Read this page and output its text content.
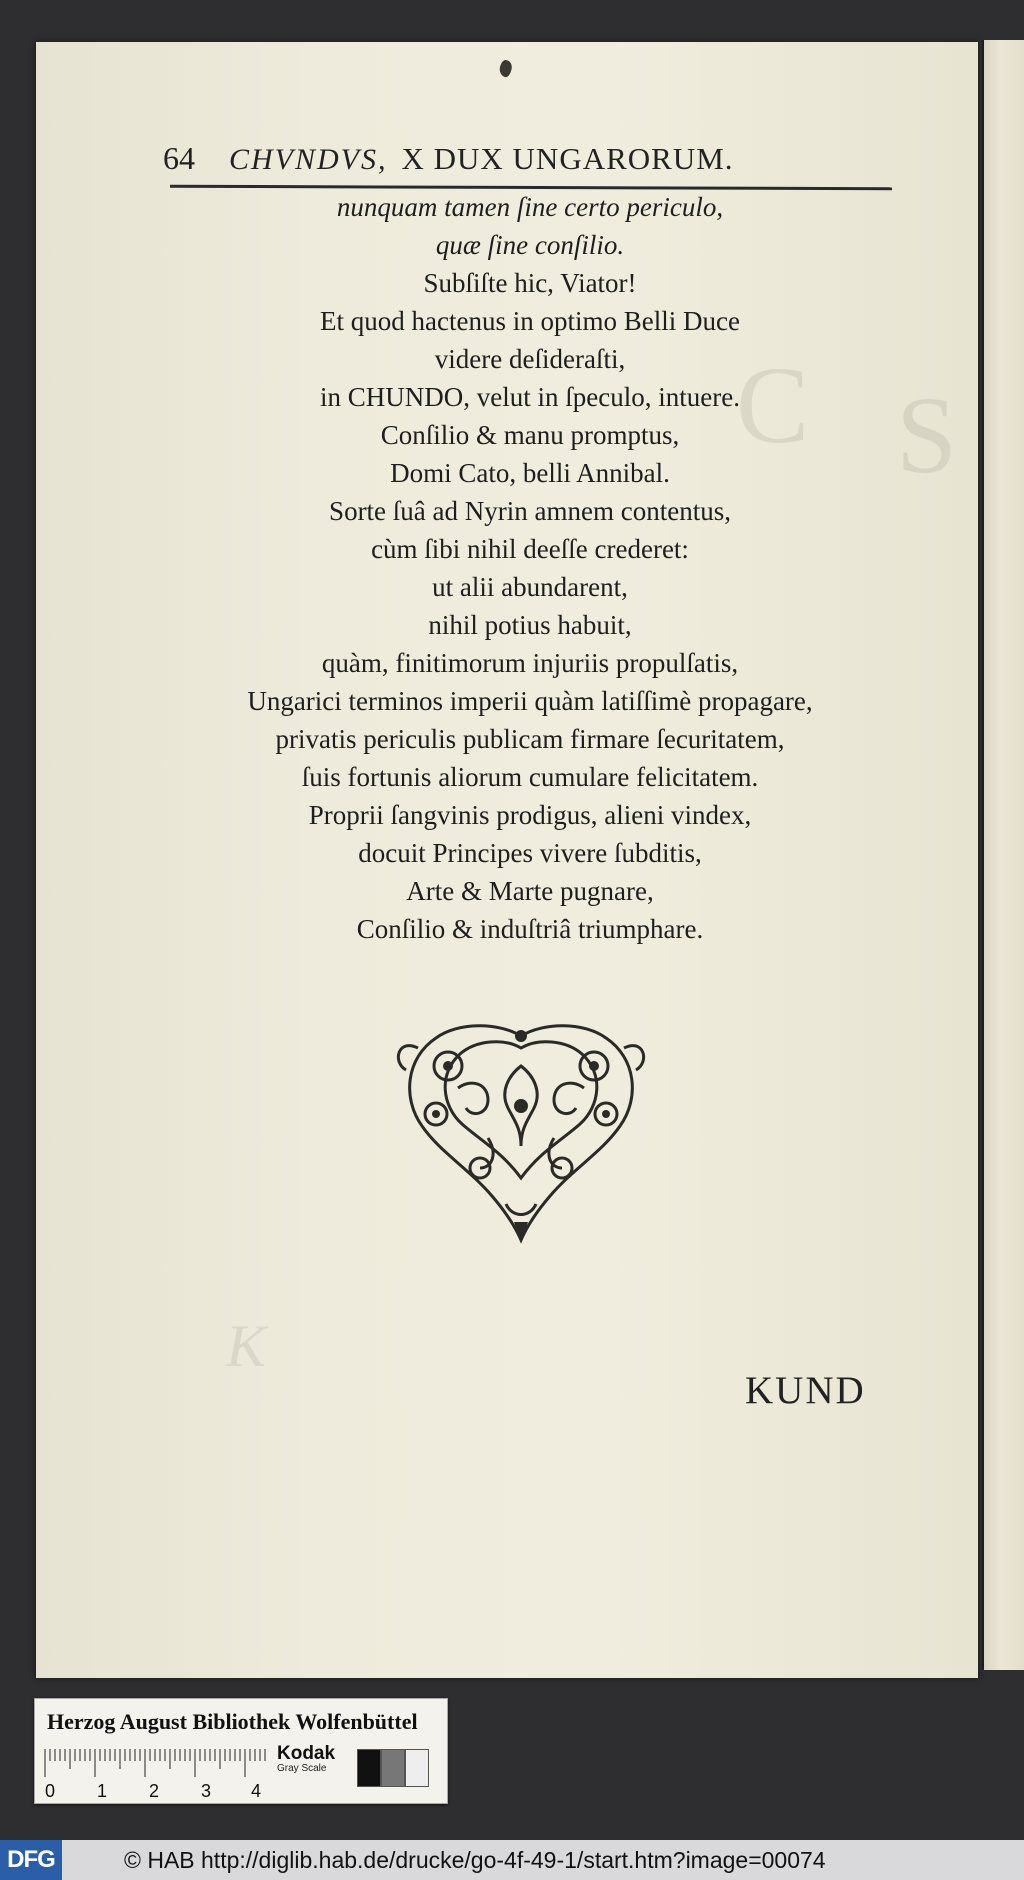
C S
K
64	CHVNDVS, X DUX UNGARORUM.
nunquam tamen ſine certo periculo,
quæ ſine conſilio.
Subſiſte hic, Viator!
Et quod hactenus in optimo Belli Duce
videre deſideraſti,
in CHUNDO, velut in ſpeculo, intuere.
Conſilio & manu promptus,
Domi Cato, belli Annibal.
Sorte ſuâ ad Nyrin amnem contentus,
cùm ſibi nihil deeſſe crederet:
ut alii abundarent,
nihil potius habuit,
quàm, finitimorum injuriis propulſatis,
Ungarici terminos imperii quàm latiſſimè propagare,
privatis periculis publicam firmare ſecuritatem,
ſuis fortunis aliorum cumulare felicitatem.
Proprii ſangvinis prodigus, alieni vindex,
docuit Principes vivere ſubditis,
Arte & Marte pugnare,
Conſilio & induſtriâ triumphare.
KUND
Herzog August Bibliothek Wolfenbüttel
Kodak
Gray Scale
0 1 2 3 4
DFG	© HAB http://diglib.hab.de/drucke/go-4f-49-1/start.htm?image=00074
